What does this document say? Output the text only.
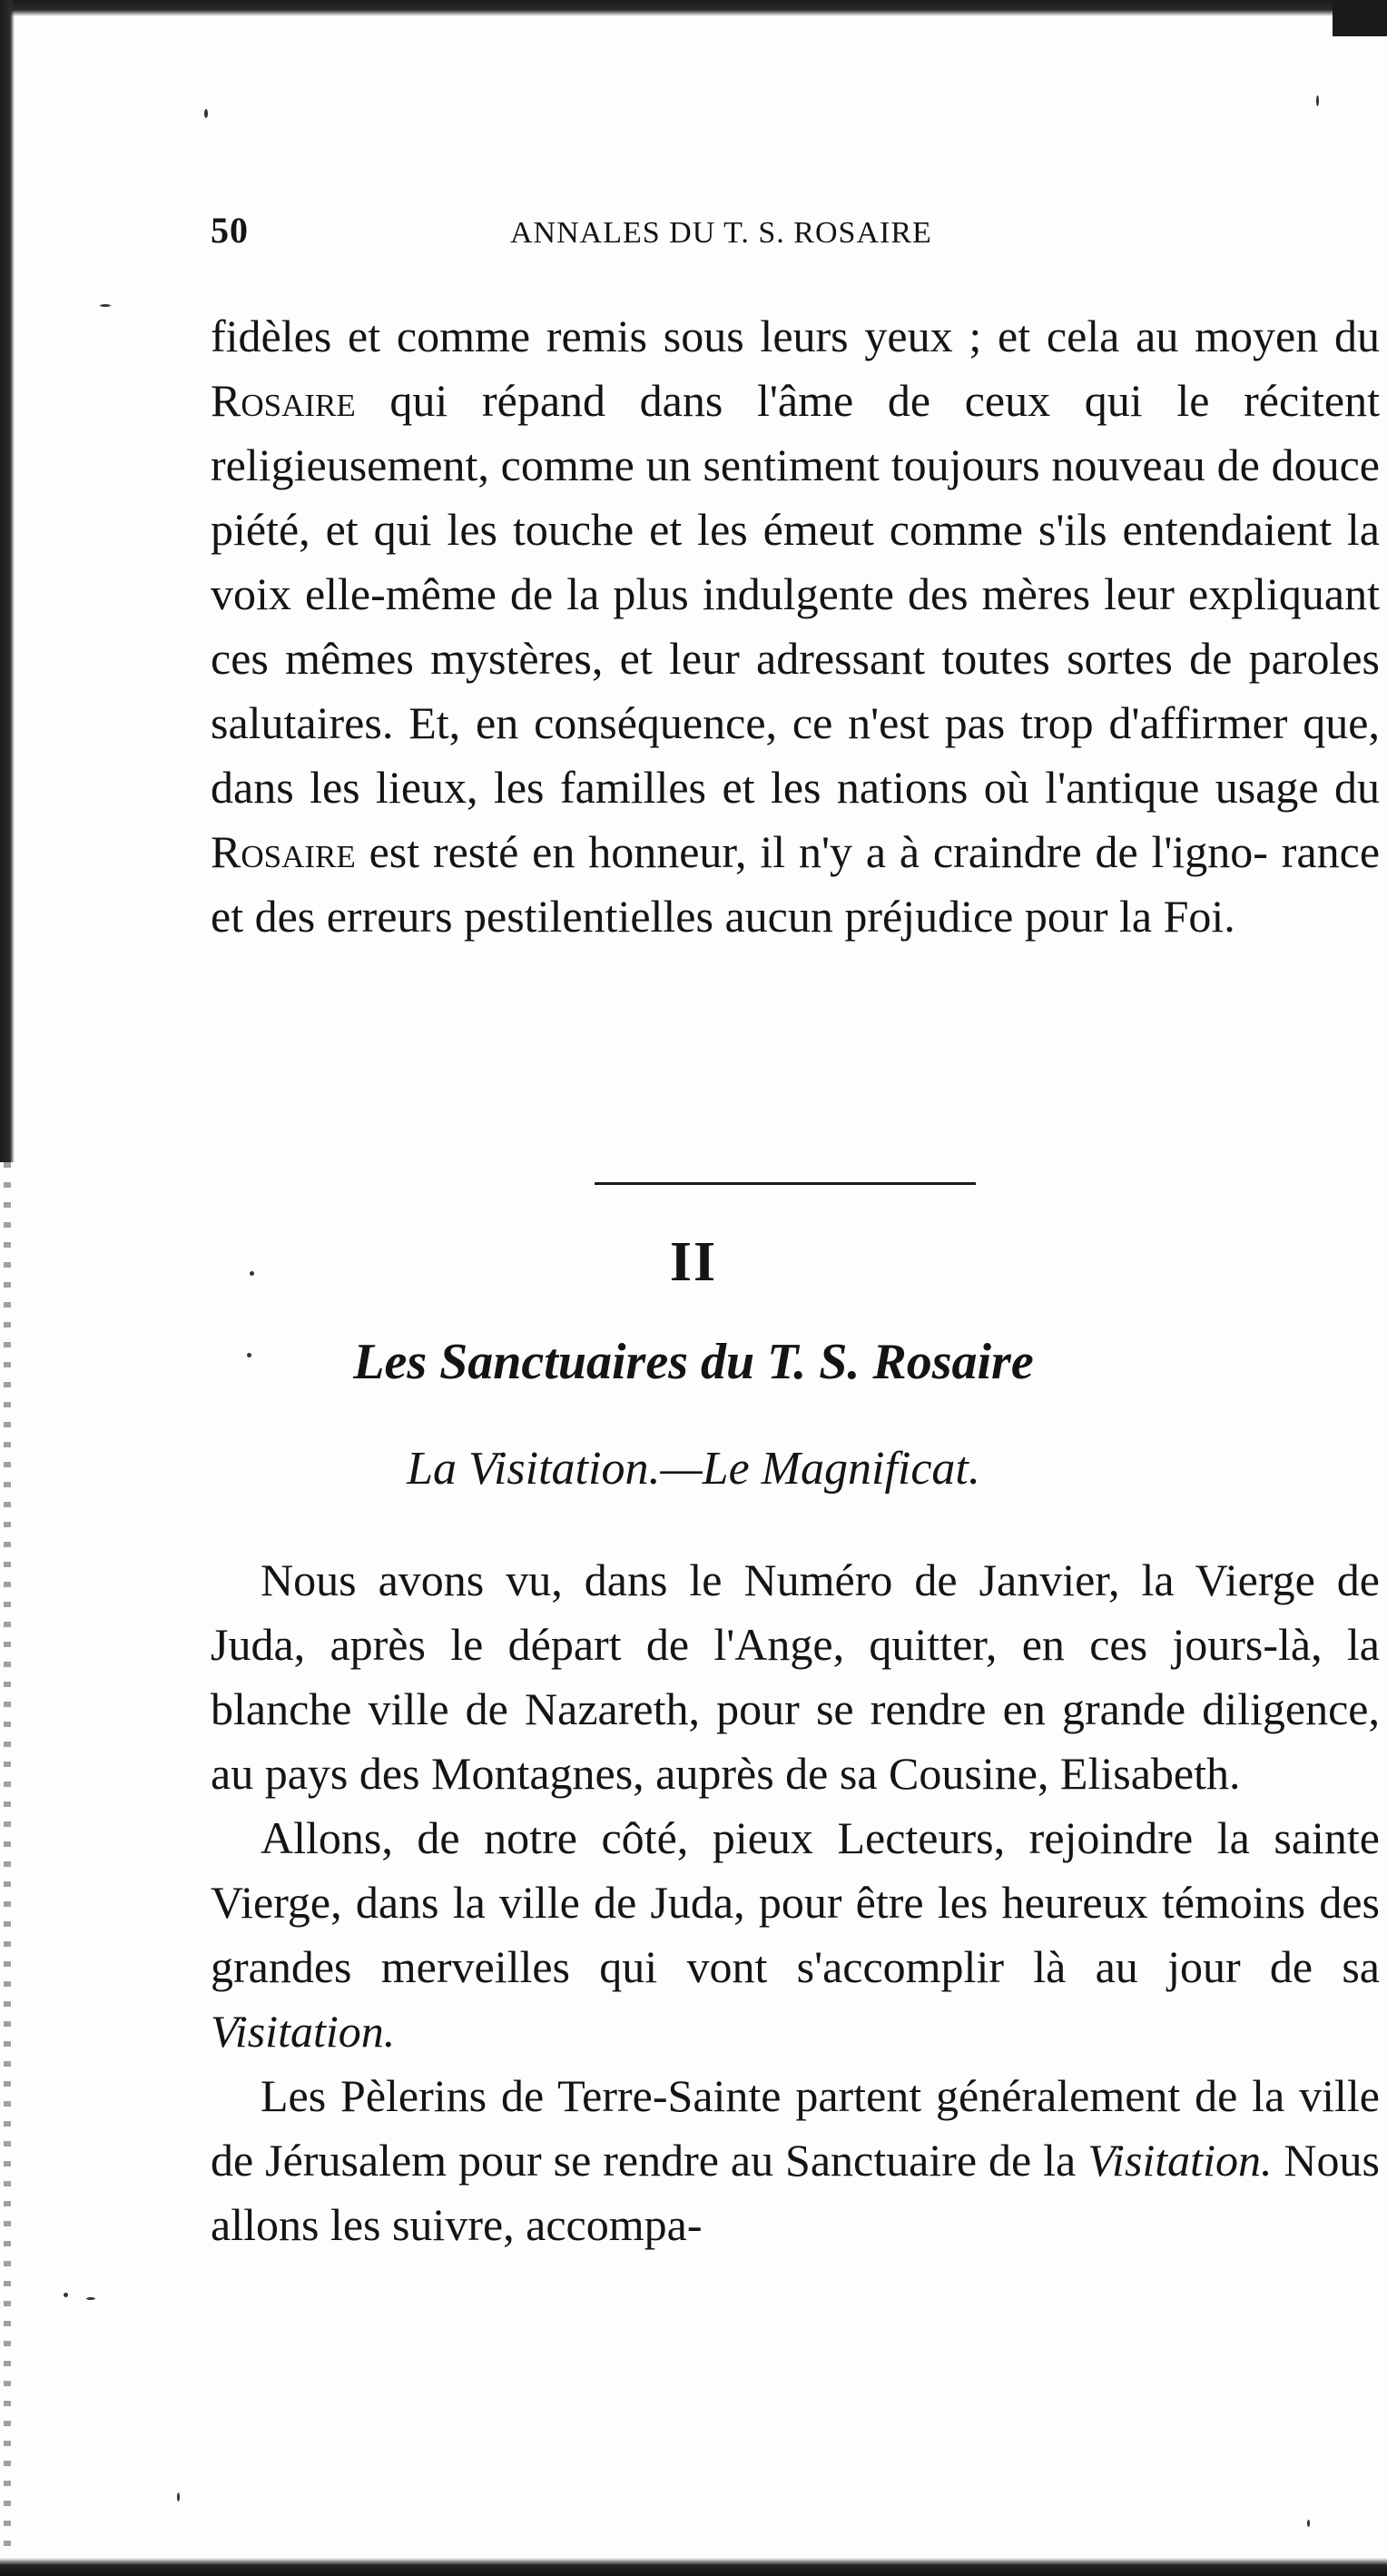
50	ANNALES DU T. S. ROSAIRE

fidèles et comme remis sous leurs yeux ; et cela au moyen du Rosaire qui répand dans l'âme de ceux qui le récitent religieusement, comme un sentiment toujours nouveau de douce piété, et qui les touche et les émeut comme s'ils entendaient la voix elle-même de la plus indulgente des mères leur expliquant ces mêmes mystères, et leur adressant toutes sortes de paroles salutaires. Et, en conséquence, ce n'est pas trop d'affirmer que, dans les lieux, les familles et les nations où l'antique usage du Rosaire est resté en honneur, il n'y a à craindre de l'igno- rance et des erreurs pestilentielles aucun préjudice pour la Foi.

II
Les Sanctuaires du T. S. Rosaire
La Visitation.—Le Magnificat.

Nous avons vu, dans le Numéro de Janvier, la Vierge de Juda, après le départ de l'Ange, quitter, en ces jours-là, la blanche ville de Nazareth, pour se rendre en grande diligence, au pays des Montagnes, auprès de sa Cousine, Elisabeth.

Allons, de notre côté, pieux Lecteurs, rejoindre la sainte Vierge, dans la ville de Juda, pour être les heureux témoins des grandes merveilles qui vont s'accomplir là au jour de sa Visitation.

Les Pèlerins de Terre-Sainte partent généralement de la ville de Jérusalem pour se rendre au Sanctuaire de la Visitation. Nous allons les suivre, accompa-
